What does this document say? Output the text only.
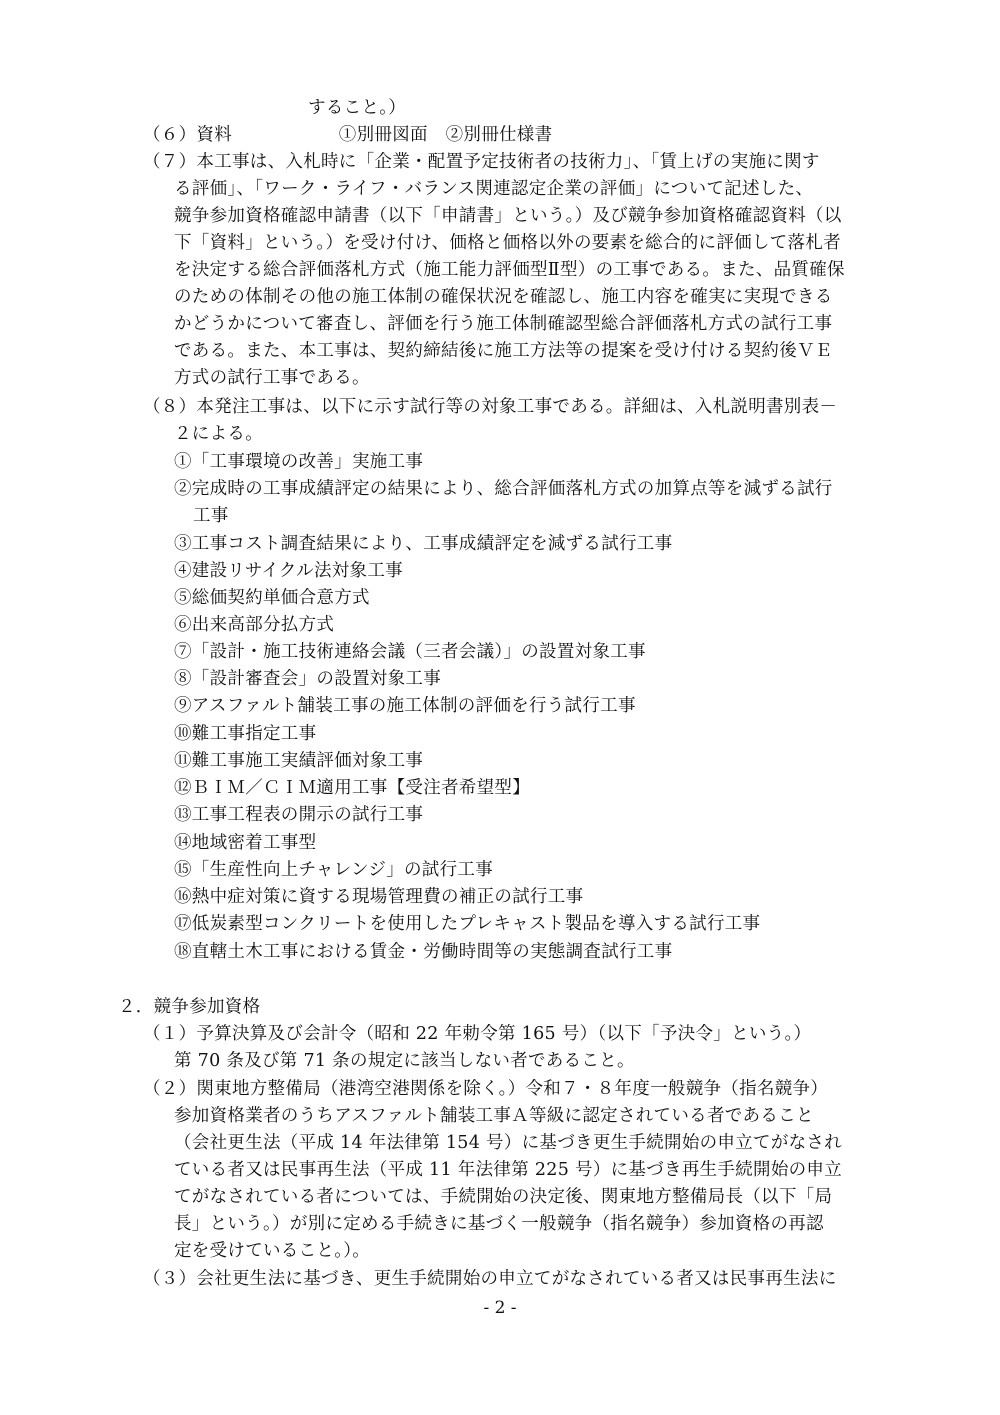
すること。）
（６）資料　　　　　　①別冊図面　②別冊仕様書
（７）本工事は、入札時に「企業・配置予定技術者の技術力」、「賃上げの実施に関す
る評価」、「ワーク・ライフ・バランス関連認定企業の評価」について記述した、
競争参加資格確認申請書（以下「申請書」という。）及び競争参加資格確認資料（以
下「資料」という。）を受け付け、価格と価格以外の要素を総合的に評価して落札者
を決定する総合評価落札方式（施工能力評価型Ⅱ型）の工事である。また、品質確保
のための体制その他の施工体制の確保状況を確認し、施工内容を確実に実現できる
かどうかについて審査し、評価を行う施工体制確認型総合評価落札方式の試行工事
である。また、本工事は、契約締結後に施工方法等の提案を受け付ける契約後ＶＥ
方式の試行工事である。
（８）本発注工事は、以下に示す試行等の対象工事である。詳細は、入札説明書別表－
２による。
①「工事環境の改善」実施工事
②完成時の工事成績評定の結果により、総合評価落札方式の加算点等を減ずる試行
工事
③工事コスト調査結果により、工事成績評定を減ずる試行工事
④建設リサイクル法対象工事
⑤総価契約単価合意方式
⑥出来高部分払方式
⑦「設計・施工技術連絡会議（三者会議）」の設置対象工事
⑧「設計審査会」の設置対象工事
⑨アスファルト舗装工事の施工体制の評価を行う試行工事
⑩難工事指定工事
⑪難工事施工実績評価対象工事
⑫ＢＩＭ／ＣＩＭ適用工事【受注者希望型】
⑬工事工程表の開示の試行工事
⑭地域密着工事型
⑮「生産性向上チャレンジ」の試行工事
⑯熱中症対策に資する現場管理費の補正の試行工事
⑰低炭素型コンクリートを使用したプレキャスト製品を導入する試行工事
⑱直轄土木工事における賃金・労働時間等の実態調査試行工事
２．競争参加資格
（１）予算決算及び会計令（昭和 22 年勅令第 165 号）（以下「予決令」という。）
第 70 条及び第 71 条の規定に該当しない者であること。
（２）関東地方整備局（港湾空港関係を除く。）令和７・８年度一般競争（指名競争）
参加資格業者のうちアスファルト舗装工事Ａ等級に認定されている者であること
（会社更生法（平成 14 年法律第 154 号）に基づき更生手続開始の申立てがなされ
ている者又は民事再生法（平成 11 年法律第 225 号）に基づき再生手続開始の申立
てがなされている者については、手続開始の決定後、関東地方整備局長（以下「局
長」という。）が別に定める手続きに基づく一般競争（指名競争）参加資格の再認
定を受けていること。）。
（３）会社更生法に基づき、更生手続開始の申立てがなされている者又は民事再生法に
- 2 -
